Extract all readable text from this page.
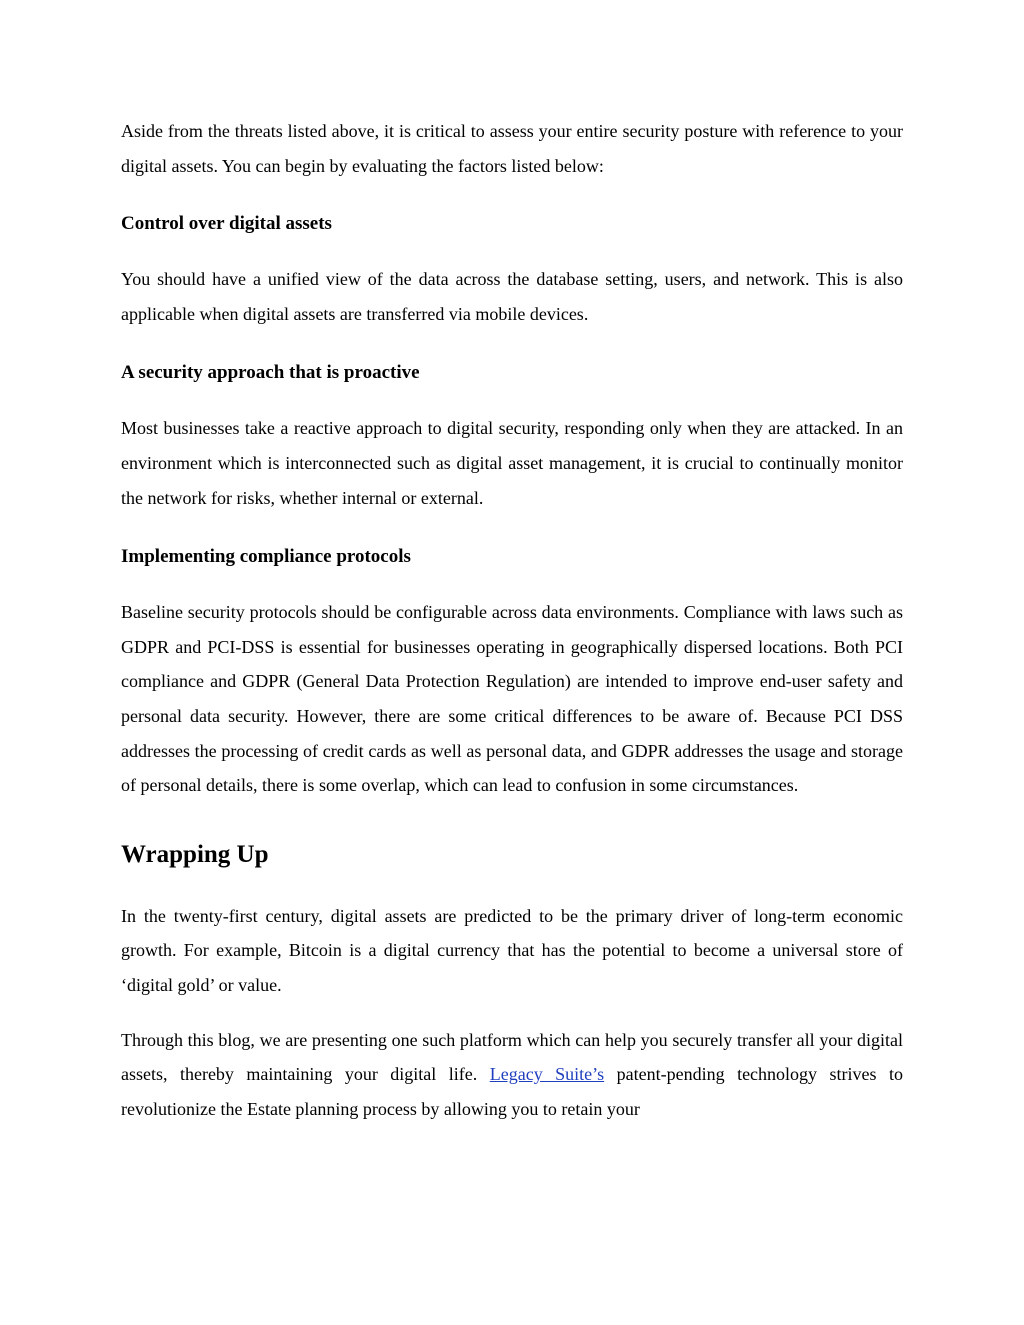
Aside from the threats listed above, it is critical to assess your entire security posture with reference to your digital assets. You can begin by evaluating the factors listed below:

Control over digital assets

You should have a unified view of the data across the database setting, users, and network. This is also applicable when digital assets are transferred via mobile devices.

A security approach that is proactive

Most businesses take a reactive approach to digital security, responding only when they are attacked. In an environment which is interconnected such as digital asset management, it is crucial to continually monitor the network for risks, whether internal or external.

Implementing compliance protocols

Baseline security protocols should be configurable across data environments. Compliance with laws such as GDPR and PCI-DSS is essential for businesses operating in geographically dispersed locations. Both PCI compliance and GDPR (General Data Protection Regulation) are intended to improve end-user safety and personal data security. However, there are some critical differences to be aware of. Because PCI DSS addresses the processing of credit cards as well as personal data, and GDPR addresses the usage and storage of personal details, there is some overlap, which can lead to confusion in some circumstances.

Wrapping Up

In the twenty-first century, digital assets are predicted to be the primary driver of long-term economic growth. For example, Bitcoin is a digital currency that has the potential to become a universal store of ‘digital gold’ or value.

Through this blog, we are presenting one such platform which can help you securely transfer all your digital assets, thereby maintaining your digital life. Legacy Suite’s patent-pending technology strives to revolutionize the Estate planning process by allowing you to retain your
